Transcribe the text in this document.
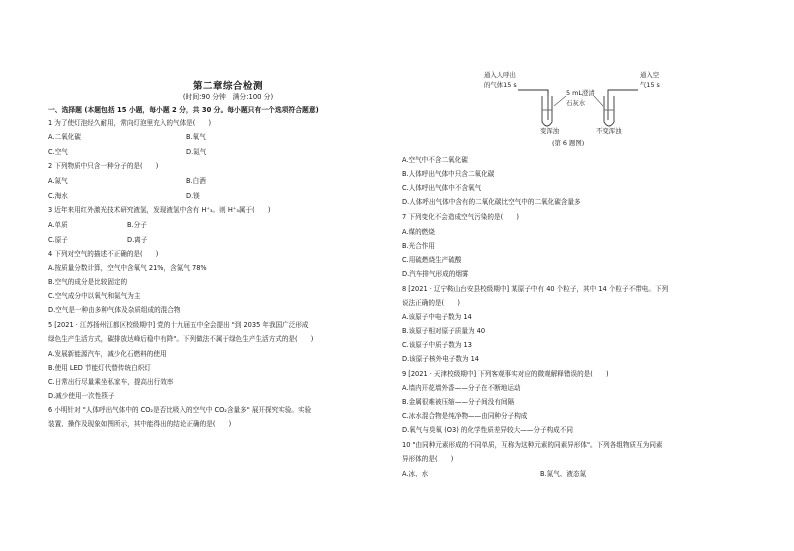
第二章综合检测
(时间:90 分钟　满分:100 分)
一、选择题 (本题包括 15 小题，每小题 2 分，共 30 分。每小题只有一个选项符合题意)
1 为了使灯泡经久耐用，常向灯泡里充入的气体是(　　)
A.二氧化碳	B.氧气
C.空气	D.氮气
2 下列物质中只含一种分子的是(　　)
A.氮气	B.白酒
C.海水	D.镁
3 近年来用红外激光技术研究液氢，发现液氢中含有 H⁺₃。则 H⁺₃属于(　　)
A.单质	B.分子
C.原子	D.离子
4 下列对空气的描述不正确的是(　　)
A.按质量分数计算，空气中含氧气 21%，含氮气 78%
B.空气的成分是比较固定的
C.空气成分中以氧气和氮气为主
D.空气是一种由多种气体及杂质组成的混合物
5 [2021 · 江苏扬州江都区校级期中] 党的十九届五中全会提出 "到 2035 年我国广泛形成
绿色生产生活方式，碳排放达峰后稳中有降"。下列做法不属于绿色生产生活方式的是(　　)
A.发展新能源汽车，减少化石燃料的使用
B.使用 LED 节能灯代替传统白炽灯
C.日常出行尽量乘坐私家车，提高出行效率
D.减少使用一次性筷子
6 小明针对 "人体呼出气体中的 CO₂是否比吸入的空气中 CO₂含量多" 展开探究实验。实验
装置、操作及现象如图所示，其中能得出的结论正确的是(　　)
通入人呼出
的气体15 s
5 mL澄清
石灰水
通入空
气15 s
变浑浊	不变浑浊
(第 6 题图)
A.空气中不含二氧化碳
B.人体呼出气体中只含二氧化碳
C.人体呼出气体中不含氧气
D.人体呼出气体中含有的二氧化碳比空气中的二氧化碳含量多
7 下列变化不会造成空气污染的是(　　)
A.煤的燃烧
B.光合作用
C.用硫燃烧生产硫酸
D.汽车排气形成的烟雾
8 [2021 · 辽宁鞍山台安县校级期中] 某原子中有 40 个粒子，其中 14 个粒子不带电。下列
说法正确的是(　　)
A.该原子中电子数为 14
B.该原子相对原子质量为 40
C.该原子中质子数为 13
D.该原子核外电子数为 14
9 [2021 · 天津校级期中] 下列客观事实对应的微观解释错误的是(　　)
A.墙内开花墙外香——分子在不断地运动
B.金属很难被压缩——分子间没有间隔
C.冰水混合物是纯净物——由同种分子构成
D.氧气与臭氧 (O3) 的化学性质差异较大——分子构成不同
10 "由同种元素形成的不同单质，互称为这种元素的同素异形体"。下列各组物质互为同素
异形体的是(　　)
A.冰、水	B.氮气、液态氮
